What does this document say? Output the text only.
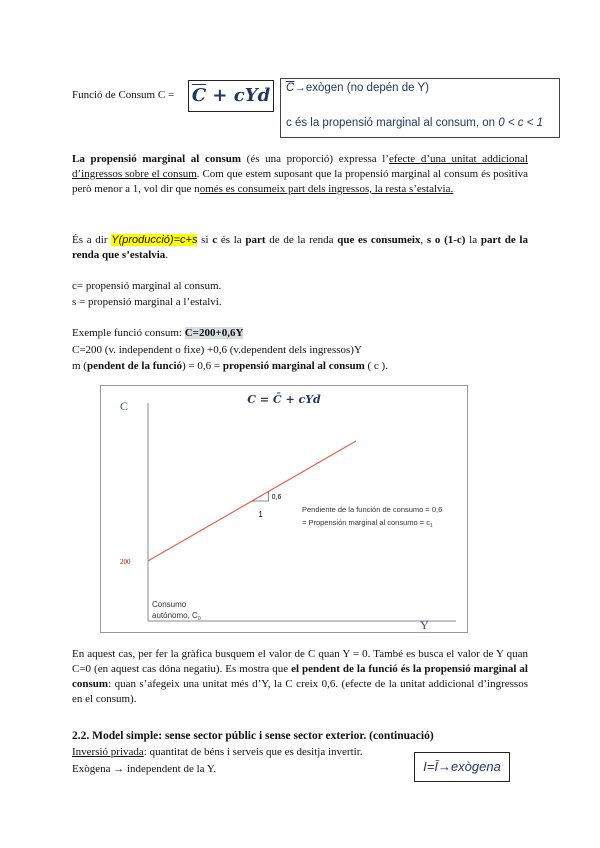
Funció de Consum $C = \overline{C}$ + cYd $\overline{C}\to exògen$ (no depén de Y)
c és la propensió marginal al consum, on 0 < c < 1
La propensió marginal al consum (és una proporció) expressa l’efecte d’una unitat addicional d’ingressos sobre el consum. Com que estem suposant que la propensió marginal al consum és positiva però menor a 1, vol dir que només es consumeix part dels ingressos, la resta s’estalvia.
És a dir Y(producció)=c+s si c és la part de de la renda que es consumeix, s o (1-c) la part de la renda que s’estalvia.
c= propensió marginal al consum.
s = propensió marginal a l’estalvi.
Exemple funció consum: C=200+0,6Y
C=200 (v. independent o fixe) +0,6 (v.dependent dels ingressos)Y
m (pendent de la funció) = 0,6 = propensió marginal al consum ( c ).
C
Y
C = C̄ + cYd
0,6
1
200
Pendiente de la función de consumo = 0,6
= Propensión marginal al consumo = $c_1$
Consumo
autónomo, $C_0$
En aquest cas, per fer la gràfica busquem el valor de C quan Y = 0. També es busca el valor de Y quan C=0 (en aquest cas dóna negatiu). Es mostra que el pendent de la funció és la propensió marginal al consum: quan s’afegeix una unitat més d’Y, la C creix 0,6. (efecte de la unitat addicional d’ingressos en el consum).
2.2. Model simple: sense sector públic i sense sector exterior. (continuació)
Inversió privada: quantitat de béns i serveis que es desitja invertir.
Exògena → independent de la Y.	I=Ī→exògena
